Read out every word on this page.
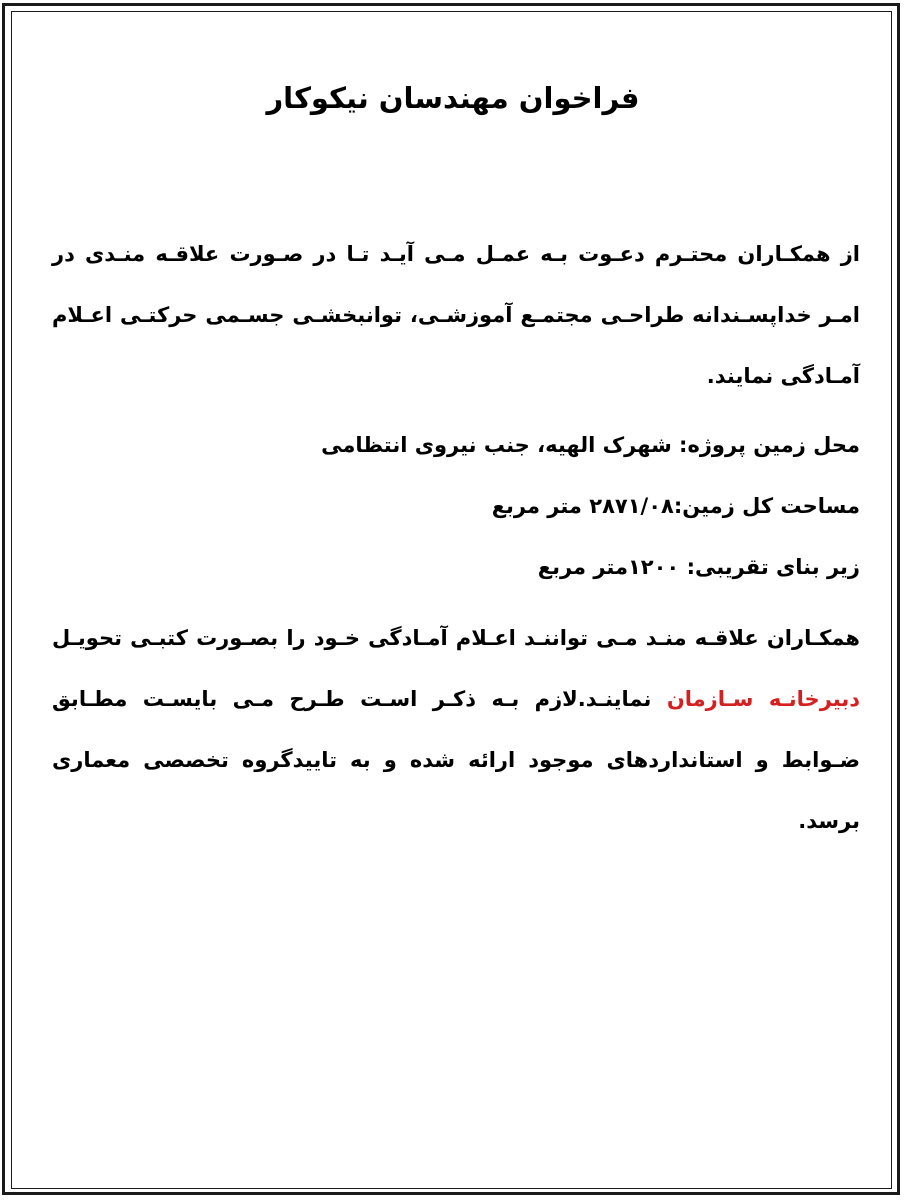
فراخوان مهندسان نیکوکار

از همکـاران محتـرم دعـوت بـه عمـل مـی آیـد تـا در صـورت علاقـه منـدی در امـر خداپسـندانه طراحـی مجتمـع آموزشـی، توانبخشـی جسـمی حرکتـی اعـلام آمـادگی نمایند.

محل زمین پروژه: شهرک الهیه، جنب نیروی انتظامی

مساحت کل زمین:۲۸۷۱/۰۸ متر مربع

زیر بنای تقریبی: ۱۲۰۰متر مربع

همکـاران علاقـه منـد مـی تواننـد اعـلام آمـادگی خـود را بصـورت کتبـی تحویـل دبیرخانـه سـازمان نماینـد.لازم بـه ذکـر اسـت طـرح مـی بایسـت مطـابق ضـوابط و استانداردهای موجود ارائه شده و به تاییدگروه تخصصی معماری برسد.
